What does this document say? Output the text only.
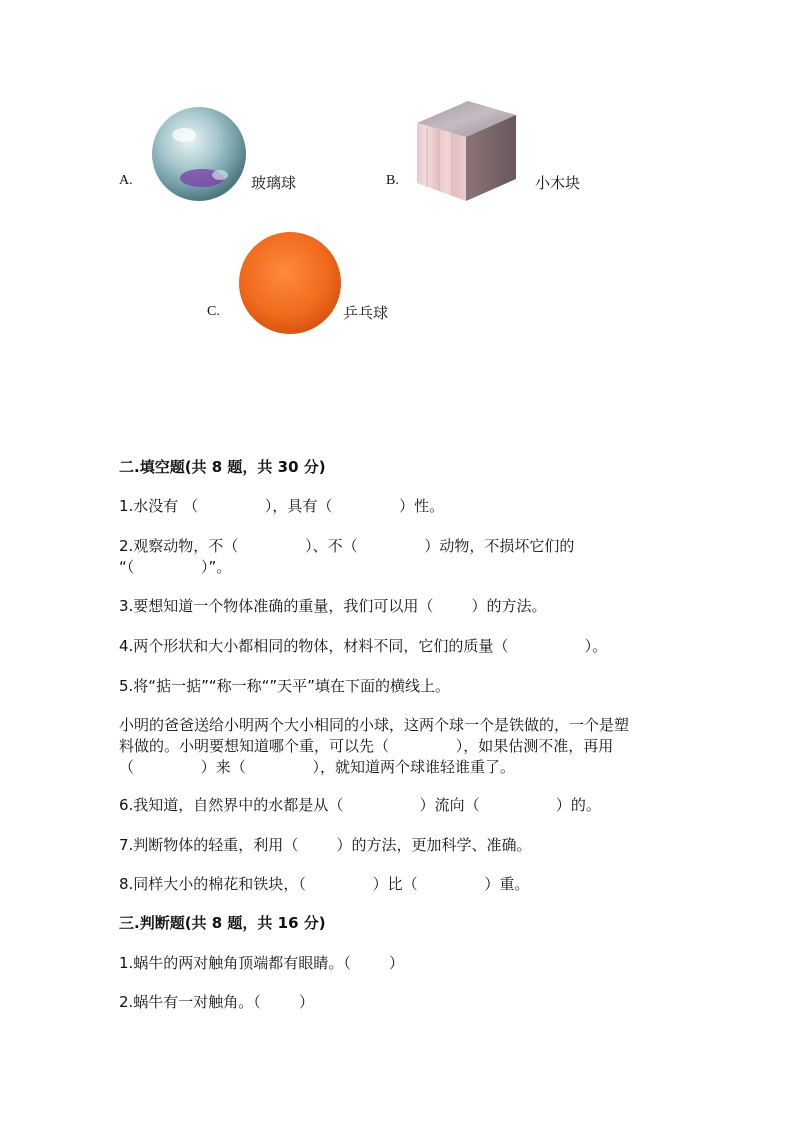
A.	玻璃球	B.	小木块
C.	乒乓球
二.填空题(共 8 题，共 30 分)
1.水没有 （              ），具有（              ）性。
2.观察动物，不（              ）、不（              ）动物，不损坏它们的
“（              ）”。
3.要想知道一个物体准确的重量，我们可以用（        ）的方法。
4.两个形状和大小都相同的物体，材料不同，它们的质量（                ）。
5.将“掂一掂”“称一称“”天平”填在下面的横线上。
小明的爸爸送给小明两个大小相同的小球，这两个球一个是铁做的，一个是塑
料做的。小明要想知道哪个重，可以先（              ），如果估测不准，再用
（              ）来（              ），就知道两个球谁轻谁重了。
6.我知道，自然界中的水都是从（                ）流向（                ）的。
7.判断物体的轻重，利用（        ）的方法，更加科学、准确。
8.同样大小的棉花和铁块，（              ）比（              ）重。
三.判断题(共 8 题，共 16 分)
1.蜗牛的两对触角顶端都有眼睛。（        ）
2.蜗牛有一对触角。（        ）
